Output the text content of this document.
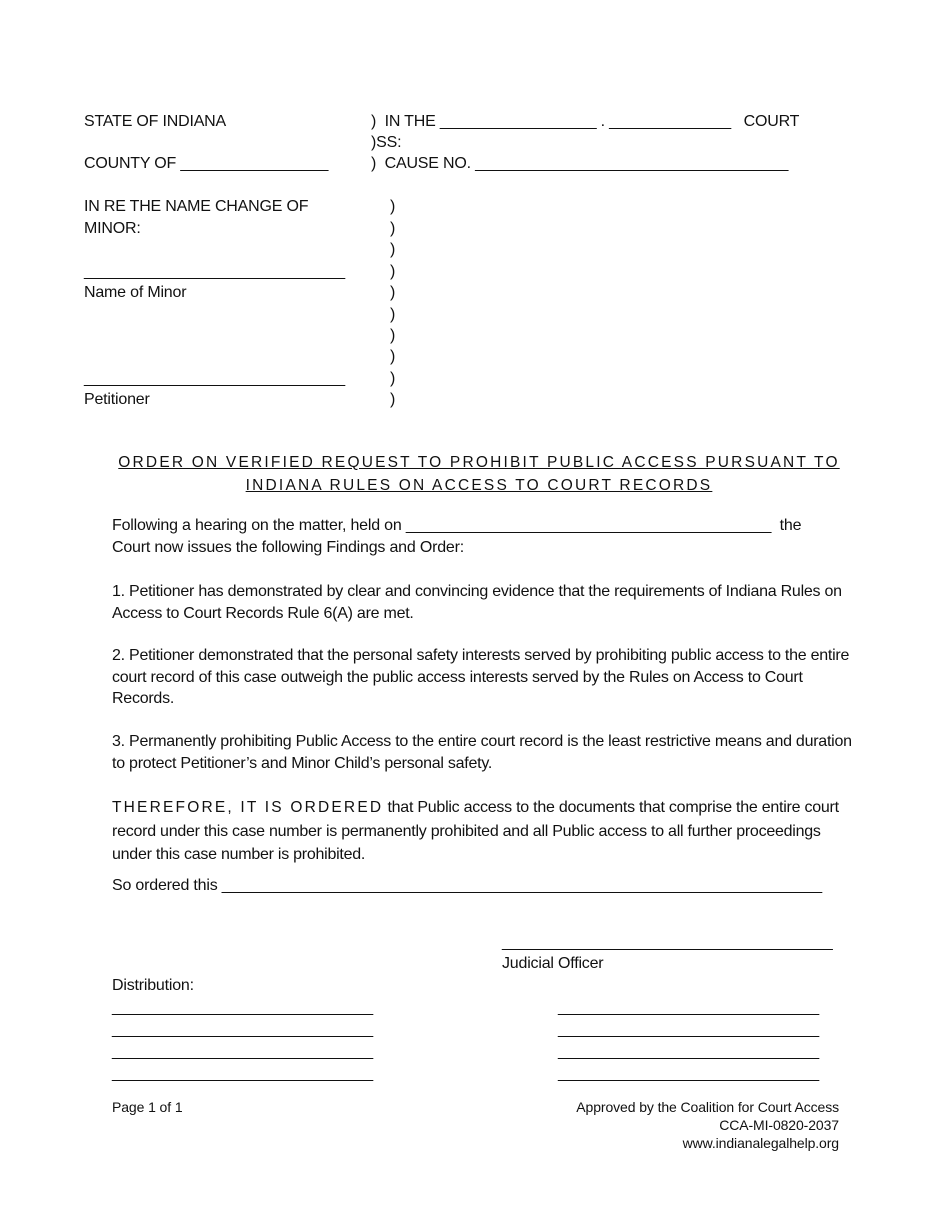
STATE OF INDIANA	)  IN THE __________________ . ______________   COURT
)SS:
COUNTY OF _________________	)  CAUSE NO. ____________________________________
IN RE THE NAME CHANGE OF
MINOR:
______________________________
Name of Minor
______________________________
Petitioner
)
)
)
)
)
)
)
)
)
)
ORDER ON VERIFIED REQUEST TO PROHIBIT PUBLIC ACCESS PURSUANT TO
INDIANA RULES ON ACCESS TO COURT RECORDS
Following a hearing on the matter, held on __________________________________________  the
Court now issues the following Findings and Order:
1. Petitioner has demonstrated by clear and convincing evidence that the requirements of Indiana Rules on Access to Court Records Rule 6(A) are met.
2. Petitioner demonstrated that the personal safety interests served by prohibiting public access to the entire court record of this case outweigh the public access interests served by the Rules on Access to Court Records.
3. Permanently prohibiting Public Access to the entire court record is the least restrictive means and duration to protect Petitioner’s and Minor Child’s personal safety.
THEREFORE, IT IS ORDERED that Public access to the documents that comprise the entire court record under this case number is permanently prohibited and all Public access to all further proceedings under this case number is prohibited.
So ordered this _____________________________________________________________________
______________________________________
Judicial Officer
Distribution:
______________________________
______________________________
______________________________
______________________________
______________________________
______________________________
______________________________
______________________________
Page 1 of 1	Approved by the Coalition for Court Access
CCA-MI-0820-2037
www.indianalegalhelp.org
